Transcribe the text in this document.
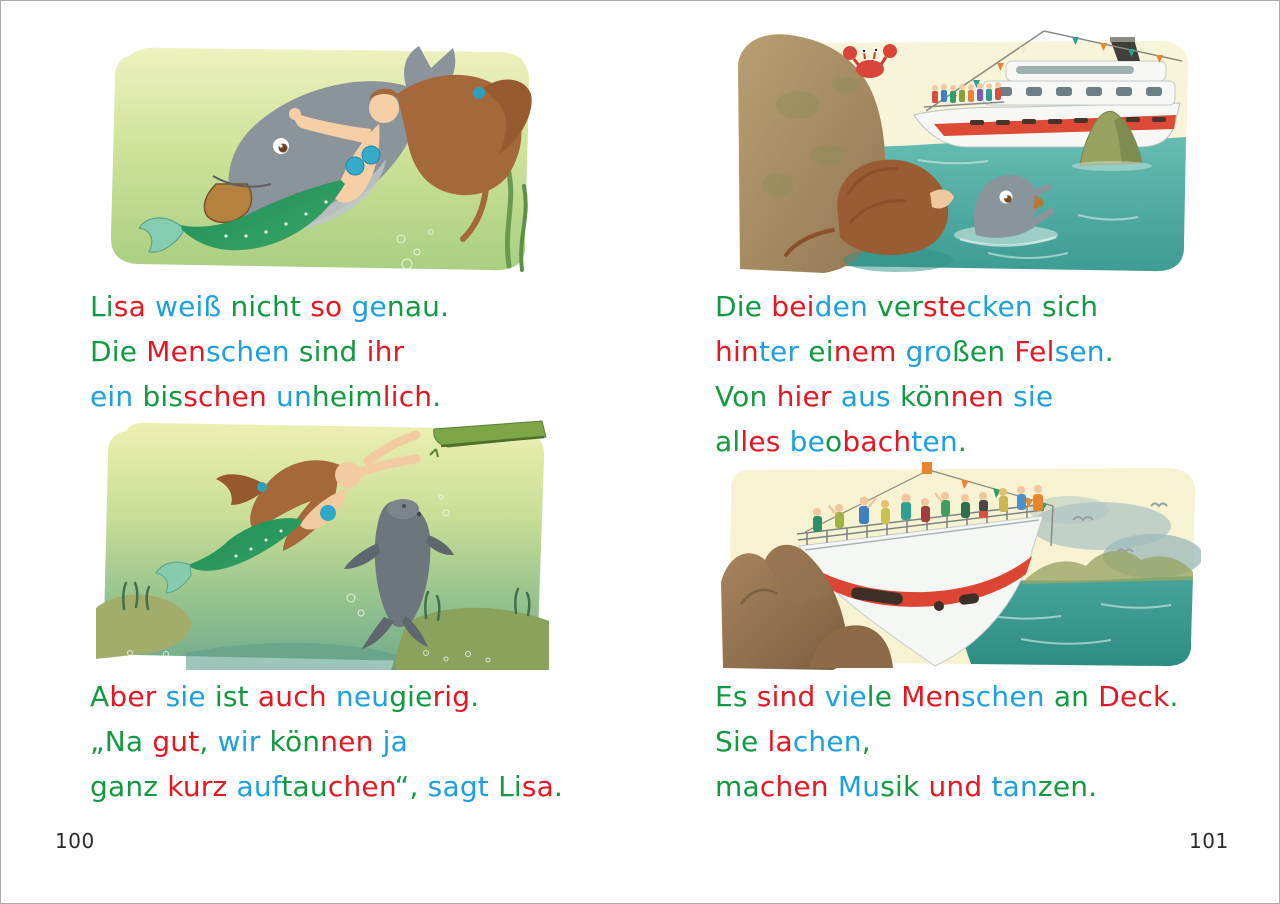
Lisa weiß nicht so genau.
Die Menschen sind ihr
ein bisschen unheimlich.
Aber sie ist auch neugierig.
„Na gut, wir können ja
ganz kurz auftauchen“, sagt Lisa.
100
Die beiden verstecken sich
hinter einem großen Felsen.
Von hier aus können sie
alles beobachten.
Es sind viele Menschen an Deck.
Sie lachen,
machen Musik und tanzen.
101
